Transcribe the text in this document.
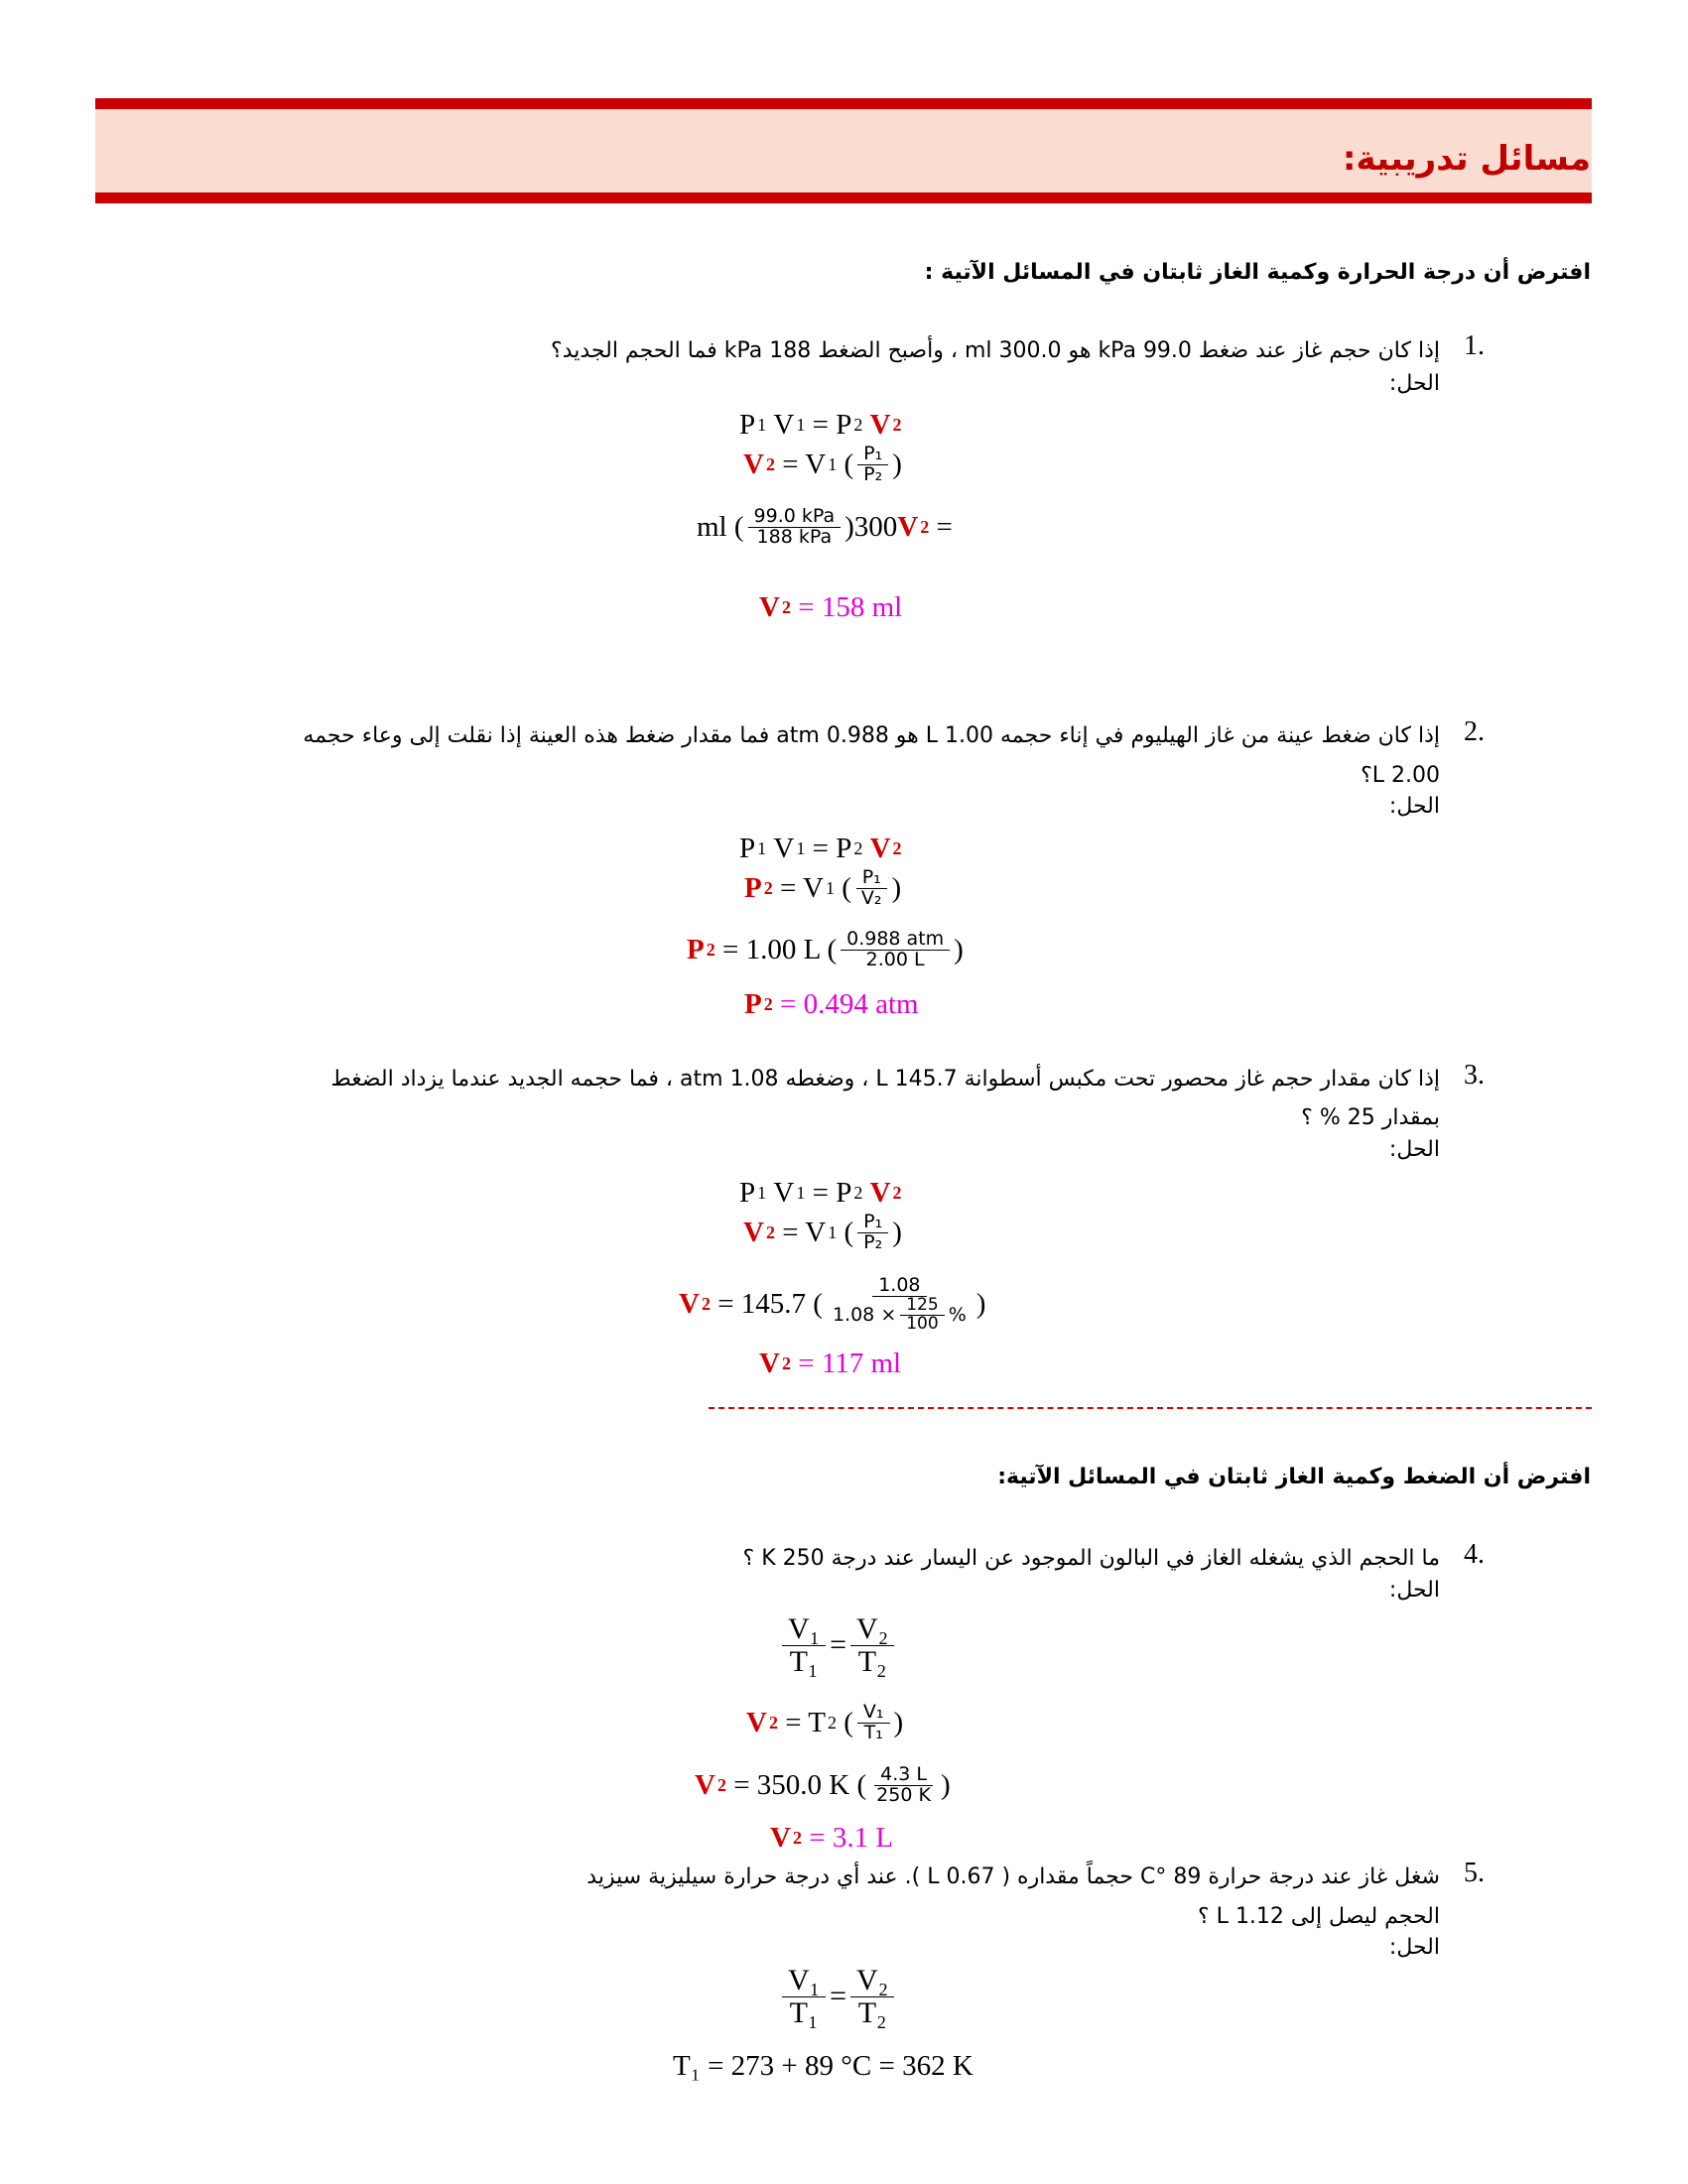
مسائل تدريبية:
افترض أن درجة الحرارة وكمية الغاز ثابتان في المسائل الآتية :
1.
إذا كان حجم غاز عند ضغط 99.0 kPa هو 300.0 ml ، وأصبح الضغط 188 kPa فما الحجم الجديد؟
الحل:
P 1
V 1
= P 2
V 2
V 2
= V 1
( $\frac{\text{P₁}}{\text{P₂}}$ )
ml ( $\frac{\text{99.0 kPa}}{\text{188 kPa}} )300$ V 2
=
V 2
=
158 ml
2.
إذا كان ضغط عينة من غاز الهيليوم في إناء حجمه 1.00 L هو 0.988 atm فما مقدار ضغط هذه العينة إذا نقلت إلى وعاء حجمه
2.00 L؟
الحل:
P 1
V 1
= P 2
V 2
P 2
= V 1
( $\frac{\text{P₁}}{\text{V₂}}$ )
P 2
= 1.00 L ( $\frac{\text{0.988 atm}}{2.00 L}$ )
P 2
=
0.494 atm
3.
إذا كان مقدار حجم غاز محصور تحت مكبس أسطوانة 145.7 L ، وضغطه 1.08 atm ، فما حجمه الجديد عندما يزداد الضغط
بمقدار 25 % ؟
الحل:
P 1
V 1
= P 2
V 2
V 2
= V 1
( $\frac{\text{P₁}}{\text{P₂}}$ )
V 2
= 145.7 ( $\frac{1.08}{1.08 \times \frac{125}{100} \%}$ )
V 2
=
117 ml
افترض أن الضغط وكمية الغاز ثابتان في المسائل الآتية:
4.
ما الحجم الذي يشغله الغاز في البالون الموجود عن اليسار عند درجة 250 K ؟
الحل:
$\frac{\text{V₁}}{\text{T₁}} = \frac{\text{V₂}}{\text{T₂}}$
V 2
= T 2
( $\frac{\text{V₁}}{\text{T₁}}$ )
V 2
= 350.0 K ( $\frac{4.3 L}{250 K}$ )
V 2
=
3.1 L
5.
شغل غاز عند درجة حرارة 89 °C حجماً مقداره ( 0.67 L ). عند أي درجة حرارة سيليزية سيزيد
الحجم ليصل إلى 1.12 L ؟
الحل:
$\frac{\text{V₁}}{\text{T₁}} = \frac{\text{V₂}}{\text{T₂}}$
T₁ = 273 + 89 °C = 362 K
